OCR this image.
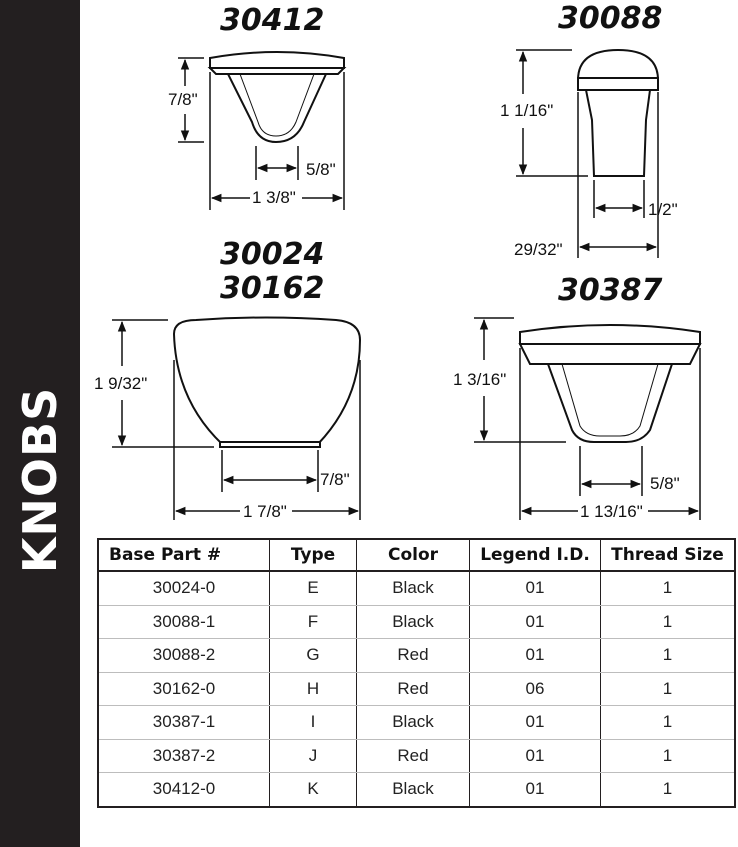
KNOBS
30412	30088
30024
30162	30387
7/8"
5/8"
1 3/8"
1 1/16"
1/2"
29/32"
1 9/32"
7/8"
1 7/8"
1 3/16"
5/8"
1 13/16"
Base Part #	Type	Color	Legend I.D.	Thread Size
30024-0	E	Black	01	1
30088-1	F	Black	01	1
30088-2	G	Red	01	1
30162-0	H	Red	06	1
30387-1	I	Black	01	1
30387-2	J	Red	01	1
30412-0	K	Black	01	1
